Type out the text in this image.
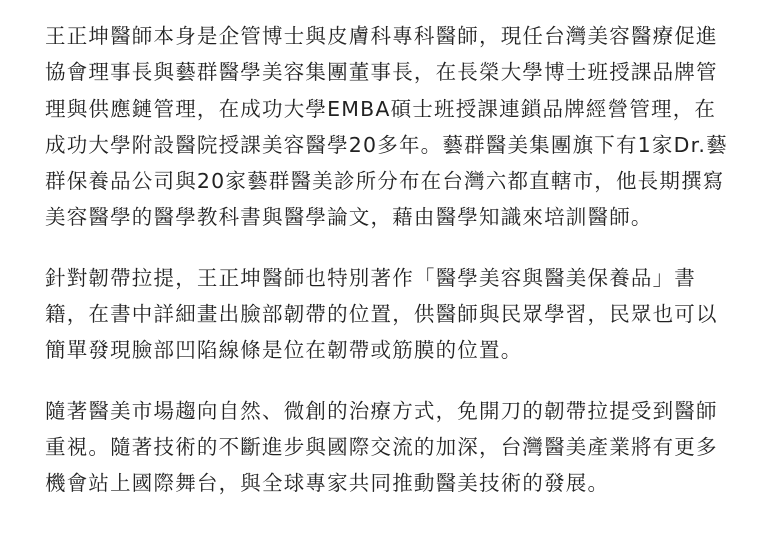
王正坤醫師本身是企管博士與皮膚科專科醫師，現任台灣美容醫療促進
協會理事長與藝群醫學美容集團董事長，在長榮大學博士班授課品牌管
理與供應鏈管理，在成功大學EMBA碩士班授課連鎖品牌經營管理，在
成功大學附設醫院授課美容醫學20多年。藝群醫美集團旗下有1家Dr.藝
群保養品公司與20家藝群醫美診所分布在台灣六都直轄市，他長期撰寫
美容醫學的醫學教科書與醫學論文，藉由醫學知識來培訓醫師。
針對韌帶拉提，王正坤醫師也特別著作「醫學美容與醫美保養品」書
籍，在書中詳細畫出臉部韌帶的位置，供醫師與民眾學習，民眾也可以
簡單發現臉部凹陷線條是位在韌帶或筋膜的位置。
隨著醫美市場趨向自然、微創的治療方式，免開刀的韌帶拉提受到醫師
重視。隨著技術的不斷進步與國際交流的加深，台灣醫美產業將有更多
機會站上國際舞台，與全球專家共同推動醫美技術的發展。
